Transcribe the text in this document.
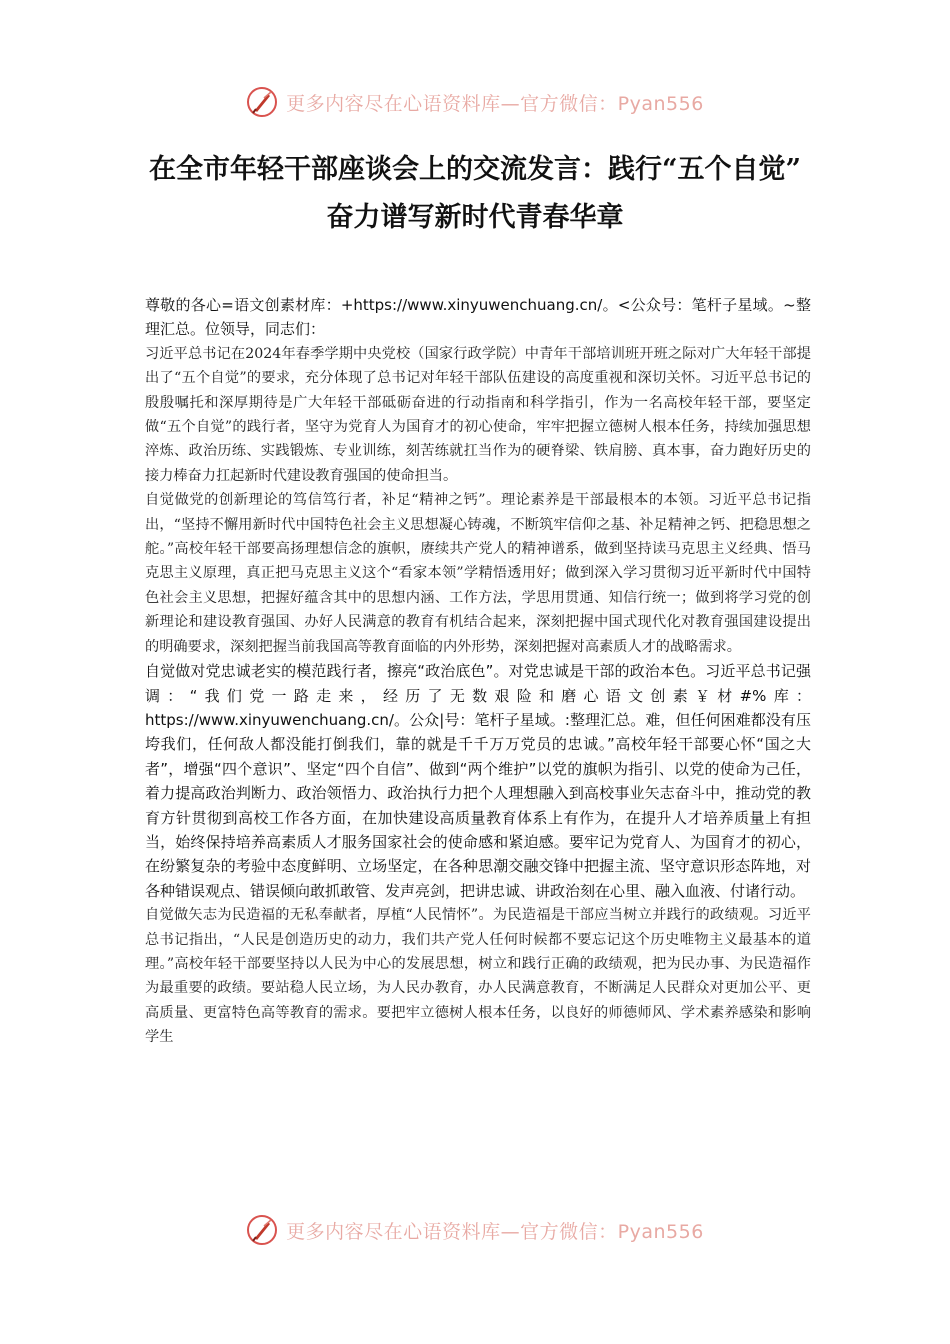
更多内容尽在心语资料库—官方微信：Pyan556
在全市年轻干部座谈会上的交流发言：践行“五个自觉” 奋力谱写新时代青春华章

尊敬的各心=语文创素材库：+https://www.xinyuwenchuang.cn/。<公众号：笔杆子星域。~整理汇总。位领导，同志们：

习近平总书记在2024年春季学期中央党校（国家行政学院）中青年干部培训班开班之际对广大年轻干部提出了“五个自觉”的要求，充分体现了总书记对年轻干部队伍建设的高度重视和深切关怀。习近平总书记的殷殷嘱托和深厚期待是广大年轻干部砥砺奋进的行动指南和科学指引，作为一名高校年轻干部，要坚定做“五个自觉”的践行者，坚守为党育人为国育才的初心使命，牢牢把握立德树人根本任务，持续加强思想淬炼、政治历练、实践锻炼、专业训练，刻苦练就扛当作为的硬脊梁、铁肩膀、真本事，奋力跑好历史的接力棒奋力扛起新时代建设教育强国的使命担当。

自觉做党的创新理论的笃信笃行者，补足“精神之钙”。理论素养是干部最根本的本领。习近平总书记指出，“坚持不懈用新时代中国特色社会主义思想凝心铸魂，不断筑牢信仰之基、补足精神之钙、把稳思想之舵。”高校年轻干部要高扬理想信念的旗帜，赓续共产党人的精神谱系，做到坚持读马克思主义经典、悟马克思主义原理，真正把马克思主义这个“看家本领”学精悟透用好；做到深入学习贯彻习近平新时代中国特色社会主义思想，把握好蕴含其中的思想内涵、工作方法，学思用贯通、知信行统一；做到将学习党的创新理论和建设教育强国、办好人民满意的教育有机结合起来，深刻把握中国式现代化对教育强国建设提出的明确要求，深刻把握当前我国高等教育面临的内外形势，深刻把握对高素质人才的战略需求。

自觉做对党忠诚老实的模范践行者，擦亮“政治底色”。对党忠诚是干部的政治本色。习近平总书记强调：“我们党一路走来，经历了无数艰险和磨心语文创素￥材#%库：https://www.xinyuwenchuang.cn/。公众|号：笔杆子星域。:整理汇总。难，但任何困难都没有压垮我们，任何敌人都没能打倒我们，靠的就是千千万万党员的忠诚。”高校年轻干部要心怀“国之大者”，增强“四个意识”、坚定“四个自信”、做到“两个维护”以党的旗帜为指引、以党的使命为己任，着力提高政治判断力、政治领悟力、政治执行力把个人理想融入到高校事业矢志奋斗中，推动党的教育方针贯彻到高校工作各方面，在加快建设高质量教育体系上有作为，在提升人才培养质量上有担当，始终保持培养高素质人才服务国家社会的使命感和紧迫感。要牢记为党育人、为国育才的初心，在纷繁复杂的考验中态度鲜明、立场坚定，在各种思潮交融交锋中把握主流、坚守意识形态阵地，对各种错误观点、错误倾向敢抓敢管、发声亮剑，把讲忠诚、讲政治刻在心里、融入血液、付诸行动。

自觉做矢志为民造福的无私奉献者，厚植“人民情怀”。为民造福是干部应当树立并践行的政绩观。习近平总书记指出，“人民是创造历史的动力，我们共产党人任何时候都不要忘记这个历史唯物主义最基本的道理。”高校年轻干部要坚持以人民为中心的发展思想，树立和践行正确的政绩观，把为民办事、为民造福作为最重要的政绩。要站稳人民立场，为人民办教育，办人民满意教育，不断满足人民群众对更加公平、更高质量、更富特色高等教育的需求。要把牢立德树人根本任务，以良好的师德师风、学术素养感染和影响学生

更多内容尽在心语资料库—官方微信：Pyan556
